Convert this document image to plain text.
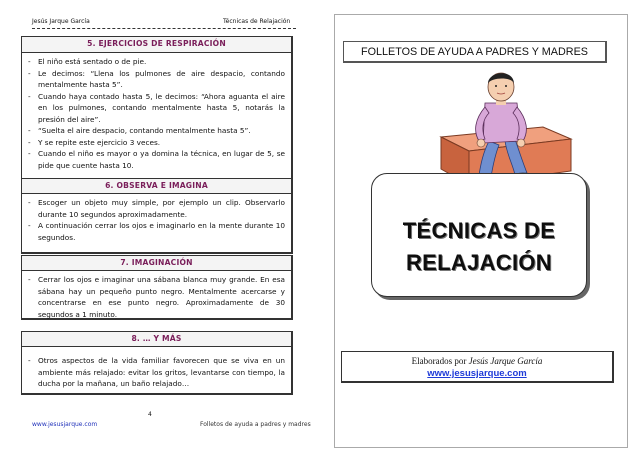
Jesús Jarque García	Técnicas de Relajación
5. EJERCICIOS DE RESPIRACIÓN
- El niño está sentado o de pie.
- Le decimos: “Llena los pulmones de aire despacio, contando mentalmente hasta 5”.
- Cuando haya contado hasta 5, le decimos: “Ahora aguanta el aire en los pulmones, contando mentalmente hasta 5, notarás la presión del aire”.
- “Suelta el aire despacio, contando mentalmente hasta 5”.
- Y se repite este ejercicio 3 veces.
- Cuando el niño es mayor o ya domina la técnica, en lugar de 5, se pide que cuente hasta 10.
6. OBSERVA E IMAGINA
- Escoger un objeto muy simple, por ejemplo un clip. Observarlo durante 10 segundos aproximadamente.
- A continuación cerrar los ojos e imaginarlo en la mente durante 10 segundos.
7. IMAGINACIÓN
- Cerrar los ojos e imaginar una sábana blanca muy grande. En esa sábana hay un pequeño punto negro. Mentalmente acercarse y concentrarse en ese punto negro. Aproximadamente de 30 segundos a 1 minuto.
8. … Y MÁS
- Otros aspectos de la vida familiar favorecen que se viva en un ambiente más relajado: evitar los gritos, levantarse con tiempo, la ducha por la mañana, un baño relajado…
4
www.jesusjarque.com	Folletos de ayuda a padres y madres
FOLLETOS DE AYUDA A PADRES Y MADRES
TÉCNICAS DE
RELAJACIÓN
Elaborados por Jesús Jarque García
www.jesusjarque.com
